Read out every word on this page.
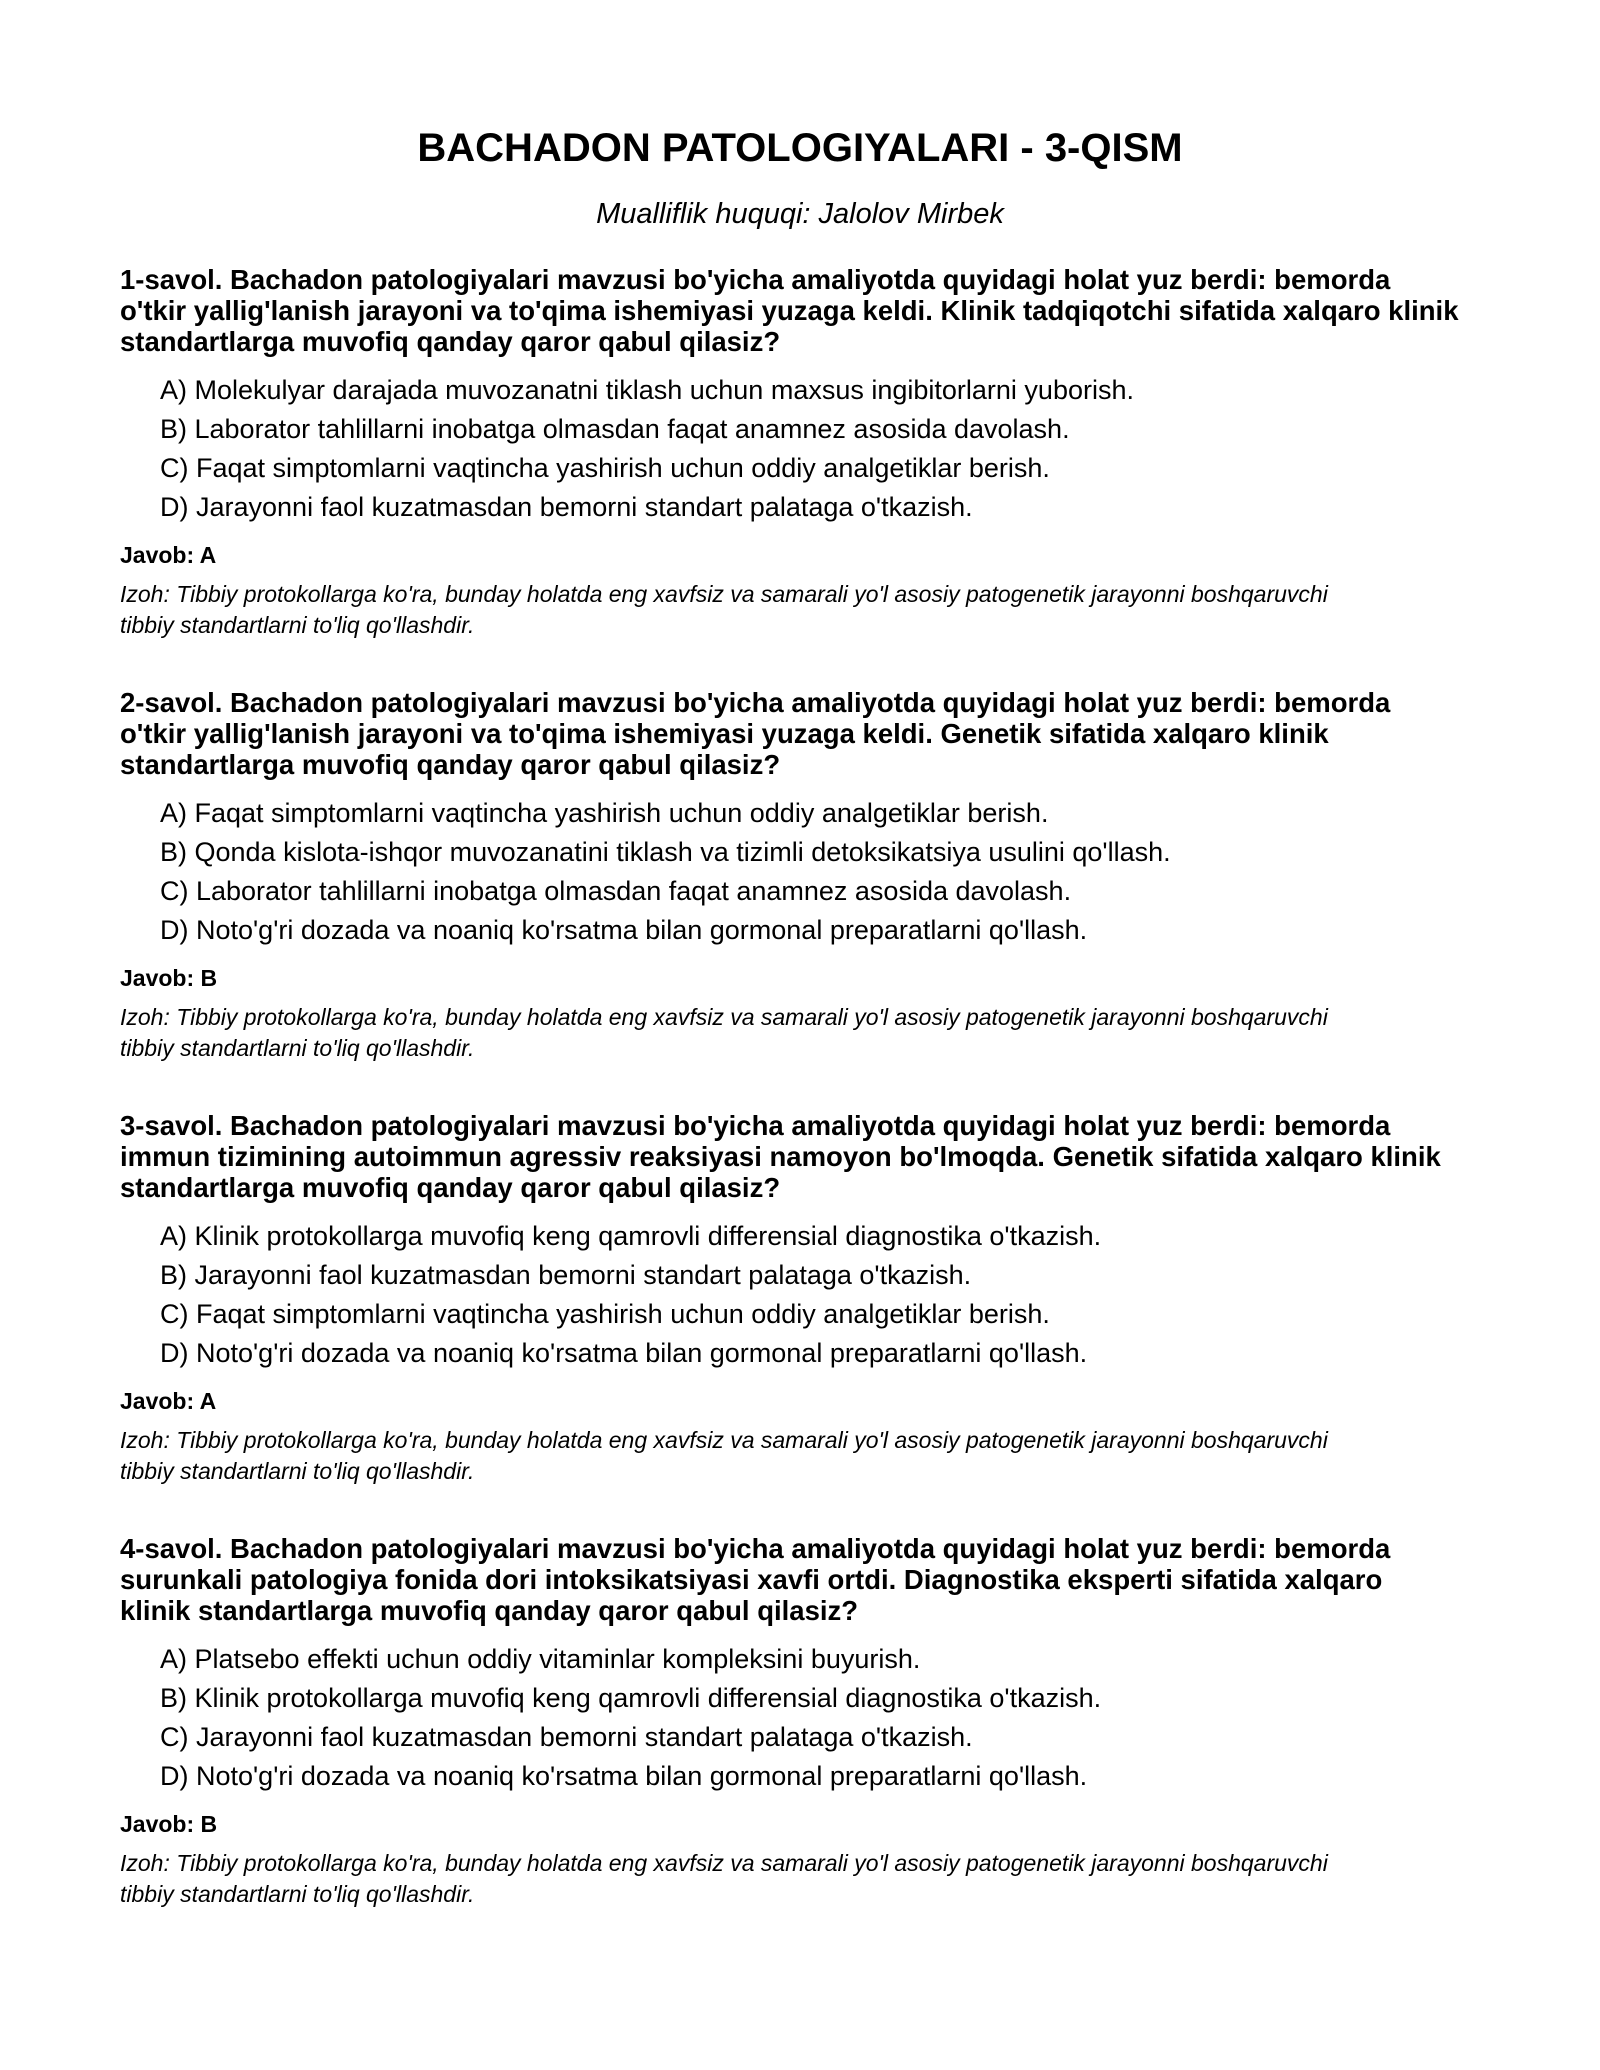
BACHADON PATOLOGIYALARI - 3-QISM

Mualliflik huquqi: Jalolov Mirbek

1-savol. Bachadon patologiyalari mavzusi bo'yicha amaliyotda quyidagi holat yuz berdi: bemorda o'tkir yallig'lanish jarayoni va to'qima ishemiyasi yuzaga keldi. Klinik tadqiqotchi sifatida xalqaro klinik standartlarga muvofiq qanday qaror qabul qilasiz?

A) Molekulyar darajada muvozanatni tiklash uchun maxsus ingibitorlarni yuborish.
B) Laborator tahlillarni inobatga olmasdan faqat anamnez asosida davolash.
C) Faqat simptomlarni vaqtincha yashirish uchun oddiy analgetiklar berish.
D) Jarayonni faol kuzatmasdan bemorni standart palataga o'tkazish.

Javob: A

Izoh: Tibbiy protokollarga ko'ra, bunday holatda eng xavfsiz va samarali yo'l asosiy patogenetik jarayonni boshqaruvchi tibbiy standartlarni to'liq qo'llashdir.

2-savol. Bachadon patologiyalari mavzusi bo'yicha amaliyotda quyidagi holat yuz berdi: bemorda o'tkir yallig'lanish jarayoni va to'qima ishemiyasi yuzaga keldi. Genetik sifatida xalqaro klinik standartlarga muvofiq qanday qaror qabul qilasiz?

A) Faqat simptomlarni vaqtincha yashirish uchun oddiy analgetiklar berish.
B) Qonda kislota-ishqor muvozanatini tiklash va tizimli detoksikatsiya usulini qo'llash.
C) Laborator tahlillarni inobatga olmasdan faqat anamnez asosida davolash.
D) Noto'g'ri dozada va noaniq ko'rsatma bilan gormonal preparatlarni qo'llash.

Javob: B

Izoh: Tibbiy protokollarga ko'ra, bunday holatda eng xavfsiz va samarali yo'l asosiy patogenetik jarayonni boshqaruvchi tibbiy standartlarni to'liq qo'llashdir.

3-savol. Bachadon patologiyalari mavzusi bo'yicha amaliyotda quyidagi holat yuz berdi: bemorda immun tizimining autoimmun agressiv reaksiyasi namoyon bo'lmoqda. Genetik sifatida xalqaro klinik standartlarga muvofiq qanday qaror qabul qilasiz?

A) Klinik protokollarga muvofiq keng qamrovli differensial diagnostika o'tkazish.
B) Jarayonni faol kuzatmasdan bemorni standart palataga o'tkazish.
C) Faqat simptomlarni vaqtincha yashirish uchun oddiy analgetiklar berish.
D) Noto'g'ri dozada va noaniq ko'rsatma bilan gormonal preparatlarni qo'llash.

Javob: A

Izoh: Tibbiy protokollarga ko'ra, bunday holatda eng xavfsiz va samarali yo'l asosiy patogenetik jarayonni boshqaruvchi tibbiy standartlarni to'liq qo'llashdir.

4-savol. Bachadon patologiyalari mavzusi bo'yicha amaliyotda quyidagi holat yuz berdi: bemorda surunkali patologiya fonida dori intoksikatsiyasi xavfi ortdi. Diagnostika eksperti sifatida xalqaro klinik standartlarga muvofiq qanday qaror qabul qilasiz?

A) Platsebo effekti uchun oddiy vitaminlar kompleksini buyurish.
B) Klinik protokollarga muvofiq keng qamrovli differensial diagnostika o'tkazish.
C) Jarayonni faol kuzatmasdan bemorni standart palataga o'tkazish.
D) Noto'g'ri dozada va noaniq ko'rsatma bilan gormonal preparatlarni qo'llash.

Javob: B

Izoh: Tibbiy protokollarga ko'ra, bunday holatda eng xavfsiz va samarali yo'l asosiy patogenetik jarayonni boshqaruvchi tibbiy standartlarni to'liq qo'llashdir.
